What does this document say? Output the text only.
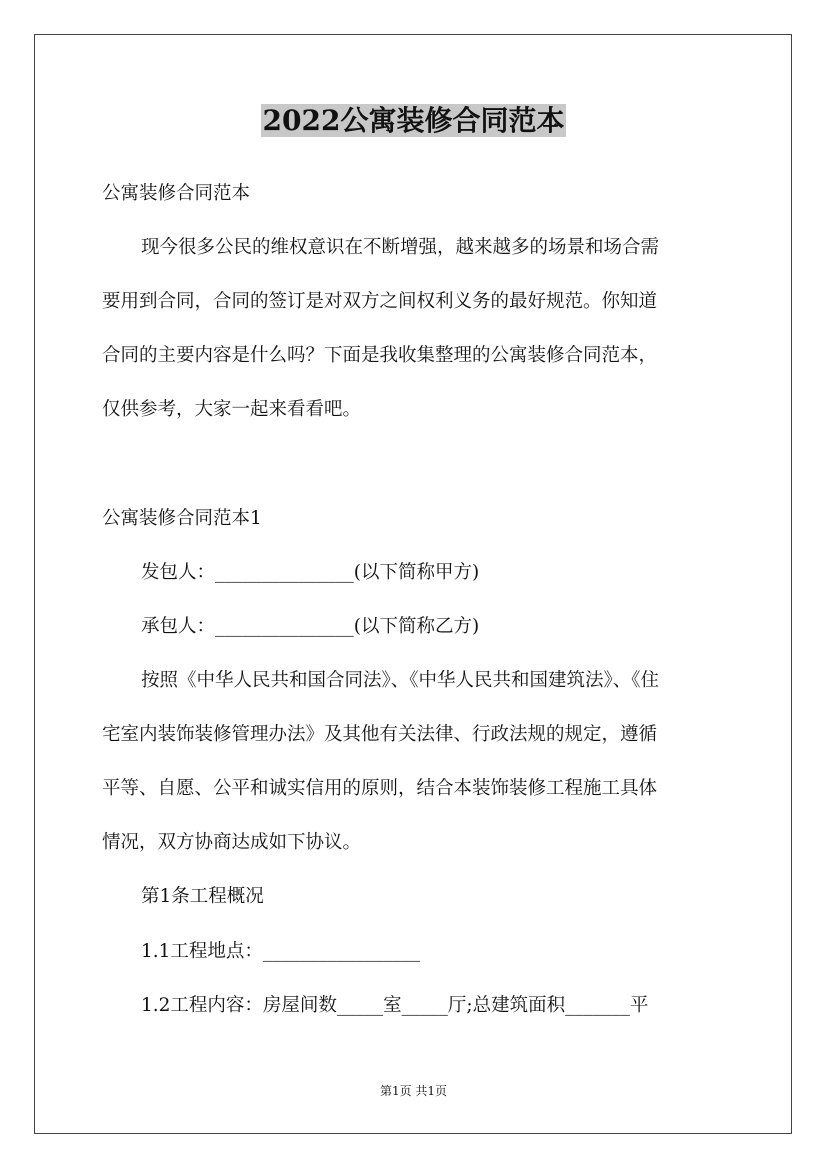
2022公寓装修合同范本
公寓装修合同范本
现今很多公民的维权意识在不断增强，越来越多的场景和场合需
要用到合同，合同的签订是对双方之间权利义务的最好规范。你知道
合同的主要内容是什么吗？下面是我收集整理的公寓装修合同范本，
仅供参考，大家一起来看看吧。
公寓装修合同范本1
发包人：_______________(以下简称甲方)
承包人：_______________(以下简称乙方)
按照《中华人民共和国合同法》、《中华人民共和国建筑法》、《住
宅室内装饰装修管理办法》及其他有关法律、行政法规的规定，遵循
平等、自愿、公平和诚实信用的原则，结合本装饰装修工程施工具体
情况，双方协商达成如下协议。
第1条工程概况
1.1工程地点：_________________
1.2工程内容：房屋间数_____室_____厅;总建筑面积_______平
第1页 共1页
